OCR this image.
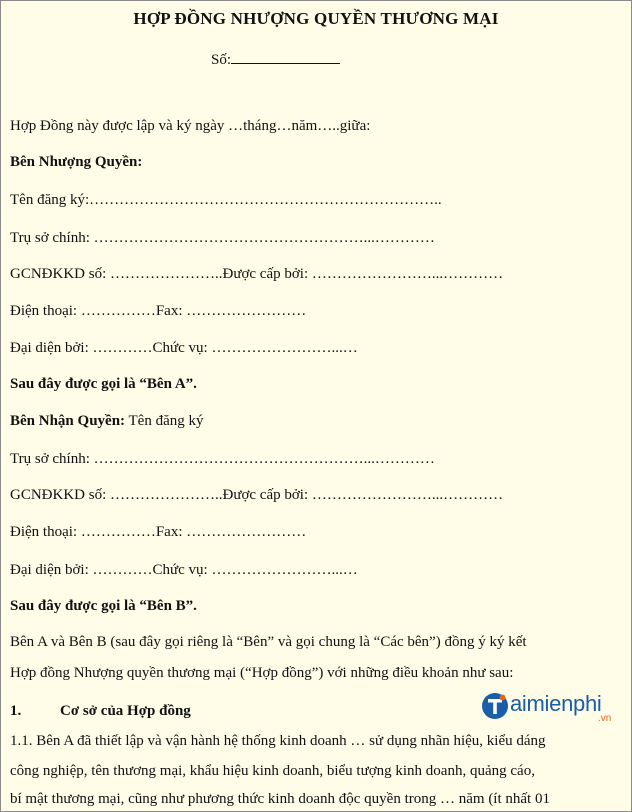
HỢP ĐỒNG NHƯỢNG QUYỀN THƯƠNG MẠI
Số:
Hợp Đồng này được lập và ký ngày …tháng…năm…..giữa:
Bên Nhượng Quyền:
Tên đăng ký:……………………………………………………………..
Trụ sở chính: ………………………………………………...…………
GCNĐKKD số: …………………..Được cấp bởi: ……………………...…………
Điện thoại: ……………Fax: ……………………
Đại diện bởi: …………Chức vụ: ……………………...…
Sau đây được gọi là “Bên A”.
Bên Nhận Quyền: Tên đăng ký
Trụ sở chính: ………………………………………………...…………
GCNĐKKD số: …………………..Được cấp bởi: ……………………...…………
Điện thoại: ……………Fax: ……………………
Đại diện bởi: …………Chức vụ: ……………………...…
Sau đây được gọi là “Bên B”.
Bên A và Bên B (sau đây gọi riêng là “Bên” và gọi chung là “Các bên”) đồng ý ký kết
Hợp đồng Nhượng quyền thương mại (“Hợp đồng”) với những điều khoản như sau:
1.	Cơ sở của Hợp đồng
1.1. Bên A đã thiết lập và vận hành hệ thống kinh doanh … sử dụng nhãn hiệu, kiểu dáng
công nghiệp, tên thương mại, khẩu hiệu kinh doanh, biểu tượng kinh doanh, quảng cáo,
bí mật thương mại, cũng như phương thức kinh doanh độc quyền trong … năm (ít nhất 01
aimienphi
.vn
